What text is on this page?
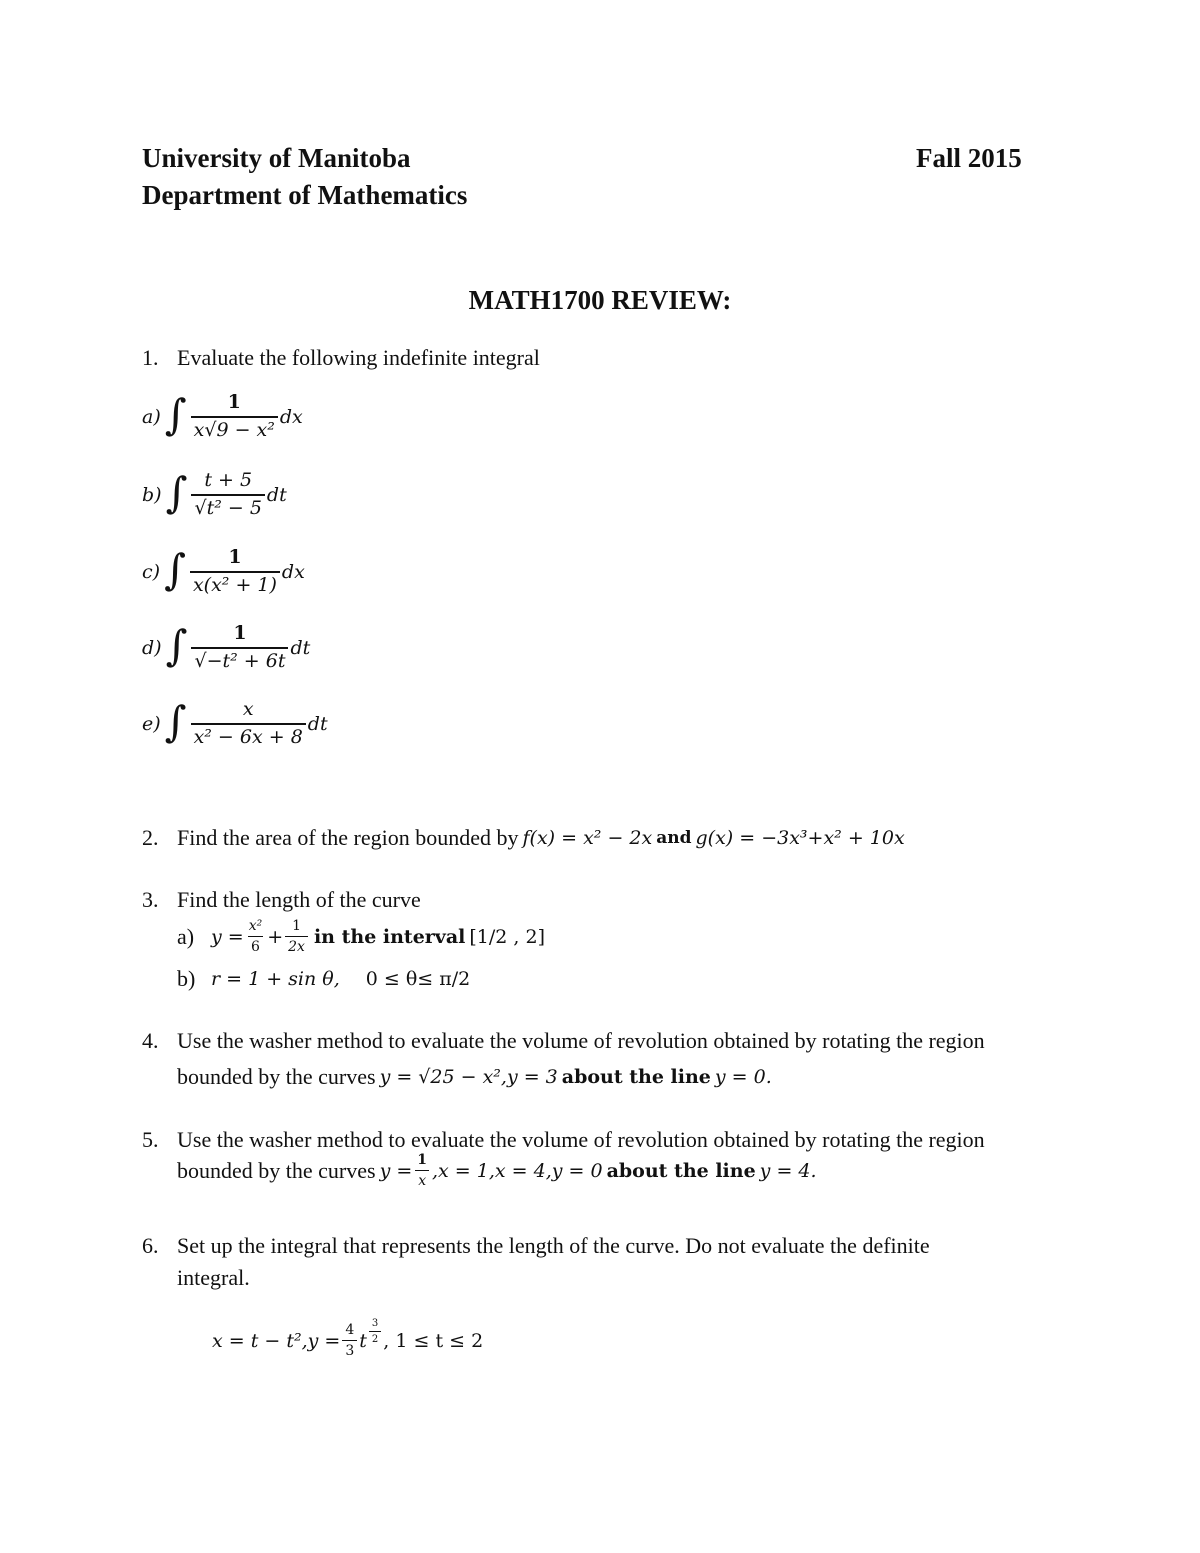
University of Manitoba
Department of Mathematics
Fall 2015
MATH1700 REVIEW:
1. Evaluate the following indefinite integral
a) ∫ $\frac{1}{\text{x√9 − x²}}$ dx
b) ∫ $\frac{t + 5}{\text{√t² − 5}}$ dt
c) ∫ $\frac{1}{\text{x(x² + 1)}}$ dx
d) ∫ $\frac{1}{\text{√−t² + 6t}}$ dt
e) ∫ $\frac{x}{\text{x² − 6x + 8}}$ dt
2. Find the area of the region bounded by
f(x) = x² − 2x
and
g(x) = −3x³+x² + 10x
3. Find the length of the curve
a) $y = \frac{\text{x²}}{6} + \frac{1}{2x}$
in the interval
[1/2 , 2]
b) r = 1 + sin θ, 0 ≤ θ≤ π/2
4. Use the washer method to evaluate the volume of revolution obtained by rotating the region
bounded by the curves
y = √25 − x²,y = 3
about the line
y = 0.
5. Use the washer method to evaluate the volume of revolution obtained by rotating the region
bounded by the curves
$y = \frac{1}{x} ,x = 1,x = 4,y = 0$
about the line
y = 4.
6. Set up the integral that represents the length of the curve. Do not evaluate the definite
integral.
$x = t - t^2,y = \frac{4}{3}$ t $\frac{3}{2}$ , 1 ≤ t ≤ 2
